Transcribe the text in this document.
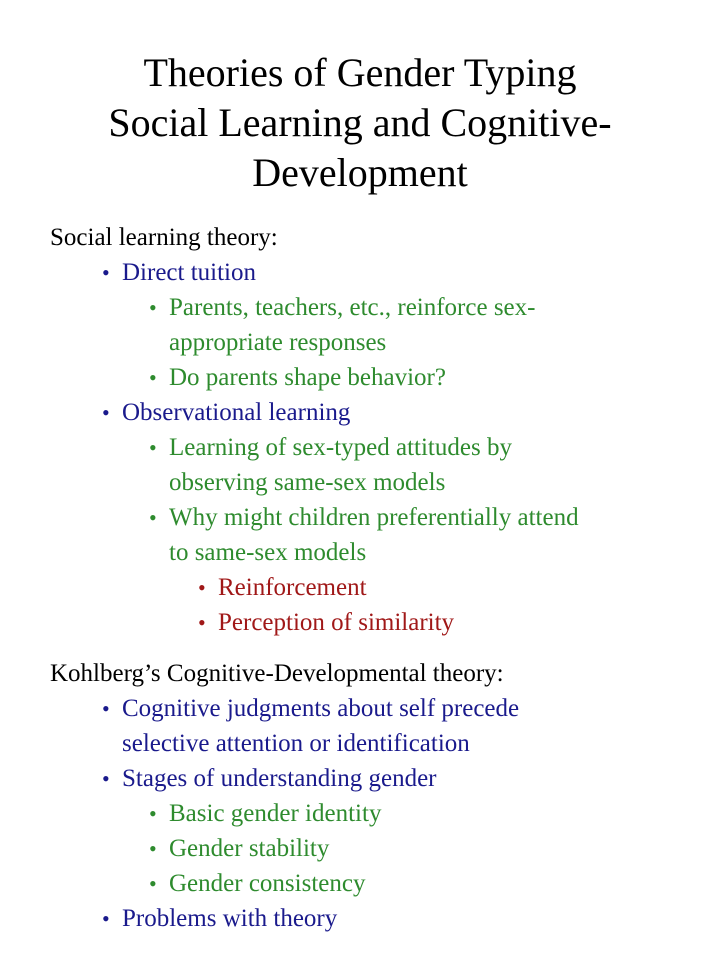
Theories of Gender Typing
Social Learning and Cognitive-
Development
Social learning theory:
• Direct tuition
• Parents, teachers, etc., reinforce sex-
appropriate responses
• Do parents shape behavior?
• Observational learning
• Learning of sex-typed attitudes by
observing same-sex models
• Why might children preferentially attend
to same-sex models
• Reinforcement
• Perception of similarity
Kohlberg’s Cognitive-Developmental theory:
• Cognitive judgments about self precede
selective attention or identification
• Stages of understanding gender
• Basic gender identity
• Gender stability
• Gender consistency
• Problems with theory
